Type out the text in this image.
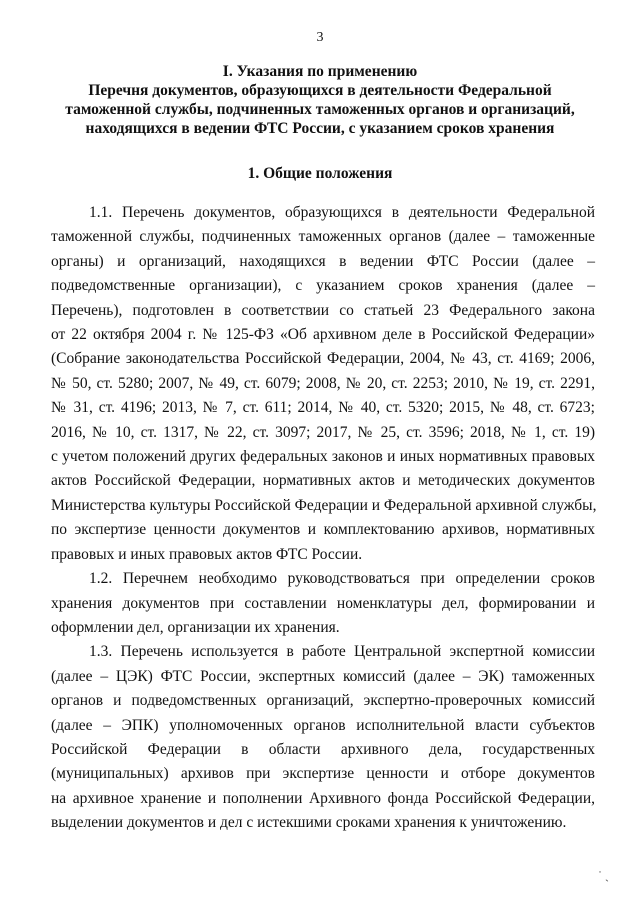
3
I. Указания по применению
Перечня документов, образующихся в деятельности Федеральной
таможенной службы, подчиненных таможенных органов и организаций,
находящихся в ведении ФТС России, с указанием сроков хранения
1. Общие положения
1.1. Перечень документов, образующихся в деятельности Федеральной
таможенной службы, подчиненных таможенных органов (далее – таможенные
органы) и организаций, находящихся в ведении ФТС России (далее –
подведомственные организации), с указанием сроков хранения (далее –
Перечень), подготовлен в соответствии со статьей 23 Федерального закона
от 22 октября 2004 г. № 125-ФЗ «Об архивном деле в Российской Федерации»
(Собрание законодательства Российской Федерации, 2004, № 43, ст. 4169; 2006,
№ 50, ст. 5280; 2007, № 49, ст. 6079; 2008, № 20, ст. 2253; 2010, № 19, ст. 2291,
№ 31, ст. 4196; 2013, № 7, ст. 611; 2014, № 40, ст. 5320; 2015, № 48, ст. 6723;
2016, № 10, ст. 1317, № 22, ст. 3097; 2017, № 25, ст. 3596; 2018, № 1, ст. 19)
с учетом положений других федеральных законов и иных нормативных правовых
актов Российской Федерации, нормативных актов и методических документов
Министерства культуры Российской Федерации и Федеральной архивной службы,
по экспертизе ценности документов и комплектованию архивов, нормативных
правовых и иных правовых актов ФТС России.
1.2. Перечнем необходимо руководствоваться при определении сроков
хранения документов при составлении номенклатуры дел, формировании и
оформлении дел, организации их хранения.
1.3. Перечень используется в работе Центральной экспертной комиссии
(далее – ЦЭК) ФТС России, экспертных комиссий (далее – ЭК) таможенных
органов и подведомственных организаций, экспертно-проверочных комиссий
(далее – ЭПК) уполномоченных органов исполнительной власти субъектов
Российской Федерации в области архивного дела, государственных
(муниципальных) архивов при экспертизе ценности и отборе документов
на архивное хранение и пополнении Архивного фонда Российской Федерации,
выделении документов и дел с истекшими сроками хранения к уничтожению.
˙ ˎ
